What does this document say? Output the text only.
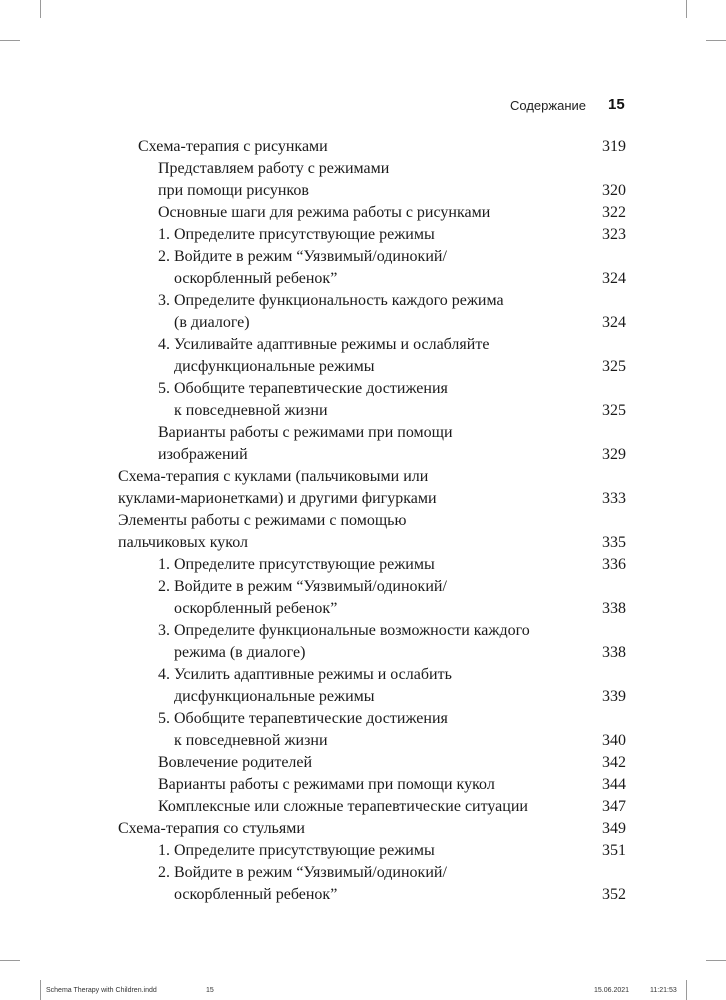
Содержание 15
Схема-терапия с рисунками	319
Представляем работу с режимами
при помощи рисунков	320
Основные шаги для режима работы с рисунками	322
1. Определите присутствующие режимы	323
2. Войдите в режим “Уязвимый/одинокий/
оскорбленный ребенок”	324
3. Определите функциональность каждого режима
(в диалоге)	324
4. Усиливайте адаптивные режимы и ослабляйте
дисфункциональные режимы	325
5. Обобщите терапевтические достижения
к повседневной жизни	325
Варианты работы с режимами при помощи
изображений	329
Схема-терапия с куклами (пальчиковыми или
куклами-марионетками) и другими фигурками	333
Элементы работы с режимами с помощью
пальчиковых кукол	335
1. Определите присутствующие режимы	336
2. Войдите в режим “Уязвимый/одинокий/
оскорбленный ребенок”	338
3. Определите функциональные возможности каждого
режима (в диалоге)	338
4. Усилить адаптивные режимы и ослабить
дисфункциональные режимы	339
5. Обобщите терапевтические достижения
к повседневной жизни	340
Вовлечение родителей	342
Варианты работы с режимами при помощи кукол	344
Комплексные или сложные терапевтические ситуации	347
Схема-терапия со стульями	349
1. Определите присутствующие режимы	351
2. Войдите в режим “Уязвимый/одинокий/
оскорбленный ребенок”	352
Schema Therapy with Children.indd	15	15.06.2021	11:21:53
